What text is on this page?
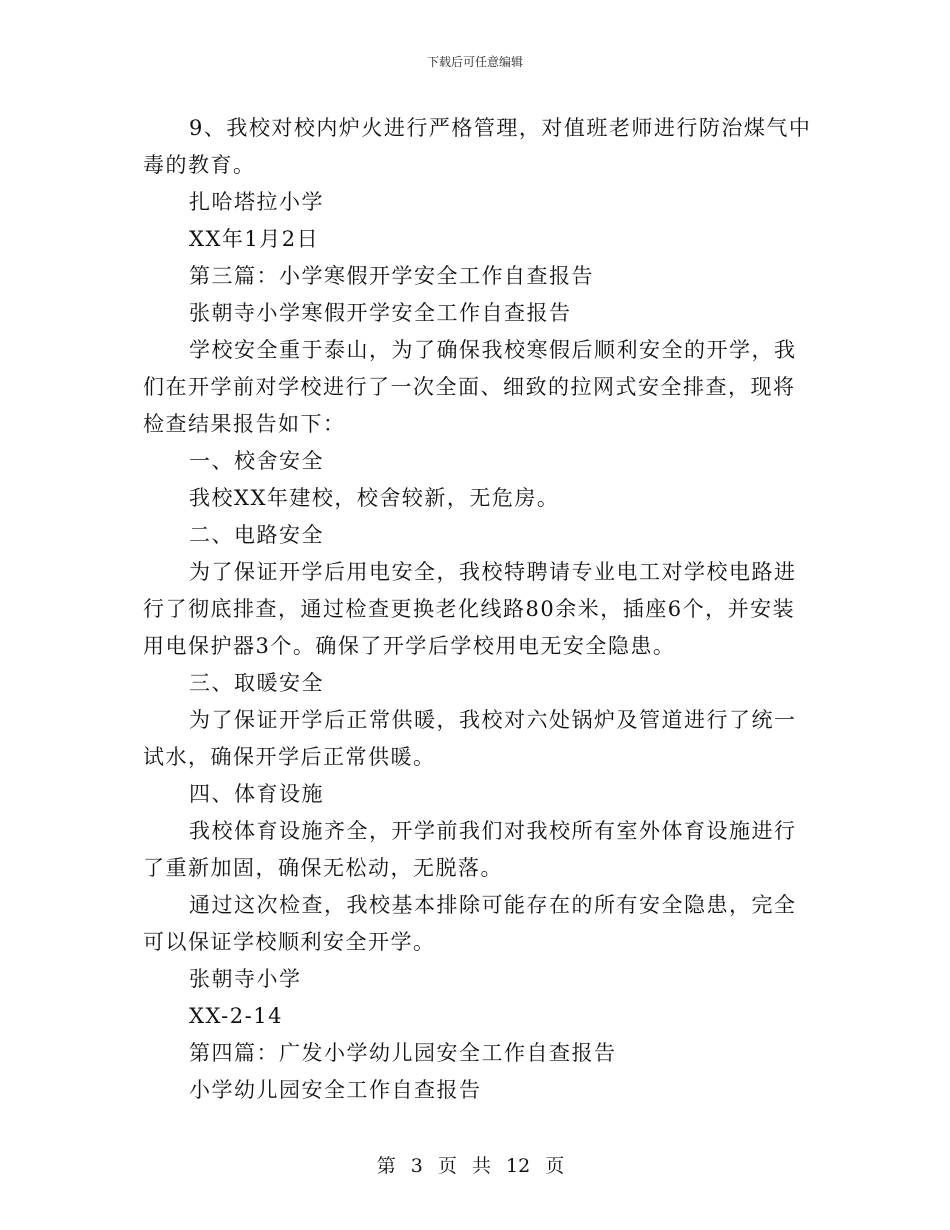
下载后可任意编辑

9、我校对校内炉火进行严格管理，对值班老师进行防治煤气中毒的教育。

扎哈塔拉小学

XX年1月2日

第三篇：小学寒假开学安全工作自查报告

张朝寺小学寒假开学安全工作自查报告

学校安全重于泰山，为了确保我校寒假后顺利安全的开学，我们在开学前对学校进行了一次全面、细致的拉网式安全排查，现将检查结果报告如下：

一、校舍安全

我校XX年建校，校舍较新，无危房。

二、电路安全

为了保证开学后用电安全，我校特聘请专业电工对学校电路进行了彻底排查，通过检查更换老化线路80余米，插座6个，并安装用电保护器3个。确保了开学后学校用电无安全隐患。

三、取暖安全

为了保证开学后正常供暖，我校对六处锅炉及管道进行了统一试水，确保开学后正常供暖。

四、体育设施

我校体育设施齐全，开学前我们对我校所有室外体育设施进行了重新加固，确保无松动，无脱落。

通过这次检查，我校基本排除可能存在的所有安全隐患，完全可以保证学校顺利安全开学。

张朝寺小学

XX-2-14

第四篇：广发小学幼儿园安全工作自查报告

小学幼儿园安全工作自查报告

第 3 页 共 12 页
